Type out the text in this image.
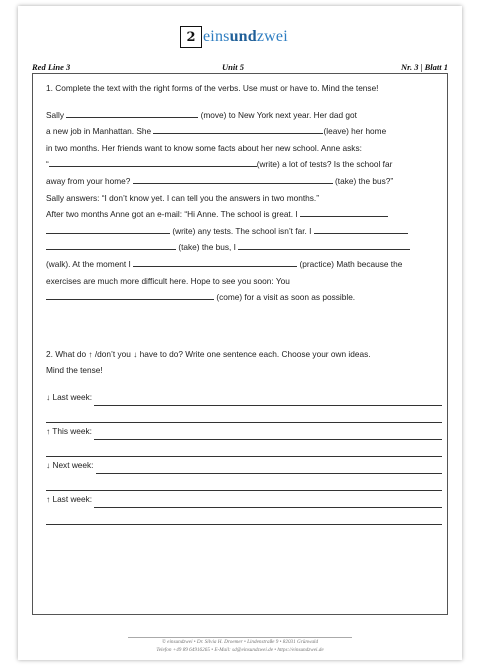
2 einsundzwei
Red Line 3	Unit 5	Nr. 3 | Blatt 1
1. Complete the text with the right forms of the verbs. Use must or have to. Mind the tense!
Sally	(move) to New York next year. Her dad got
a new job in Manhattan. She	(leave) her home
in two months. Her friends want to know some facts about her new school. Anne asks:
“	(write) a lot of tests? Is the school far
away from your home?	(take) the bus?”
Sally answers: “I don’t know yet. I can tell you the answers in two months.”
After two months Anne got an e-mail: “Hi Anne. The school is great. I
(write) any tests. The school isn’t far. I
(take) the bus, I
(walk). At the moment I	(practice) Math because the
exercises are much more difficult here. Hope to see you soon: You
(come) for a visit as soon as possible.
2. What do ↑ /don’t you ↓ have to do? Write one sentence each. Choose your own ideas.
Mind the tense!
↓ Last week:
↑ This week:
↓ Next week:
↑ Last week:
© einsundzwei • Dr. Silvia H. Droemer • Lindenstraße 9 • 82031 Grünwald
Telefon +49 89 64916265 • E-Mail: sd@einsundzwei.de • https://einsundzwei.de
